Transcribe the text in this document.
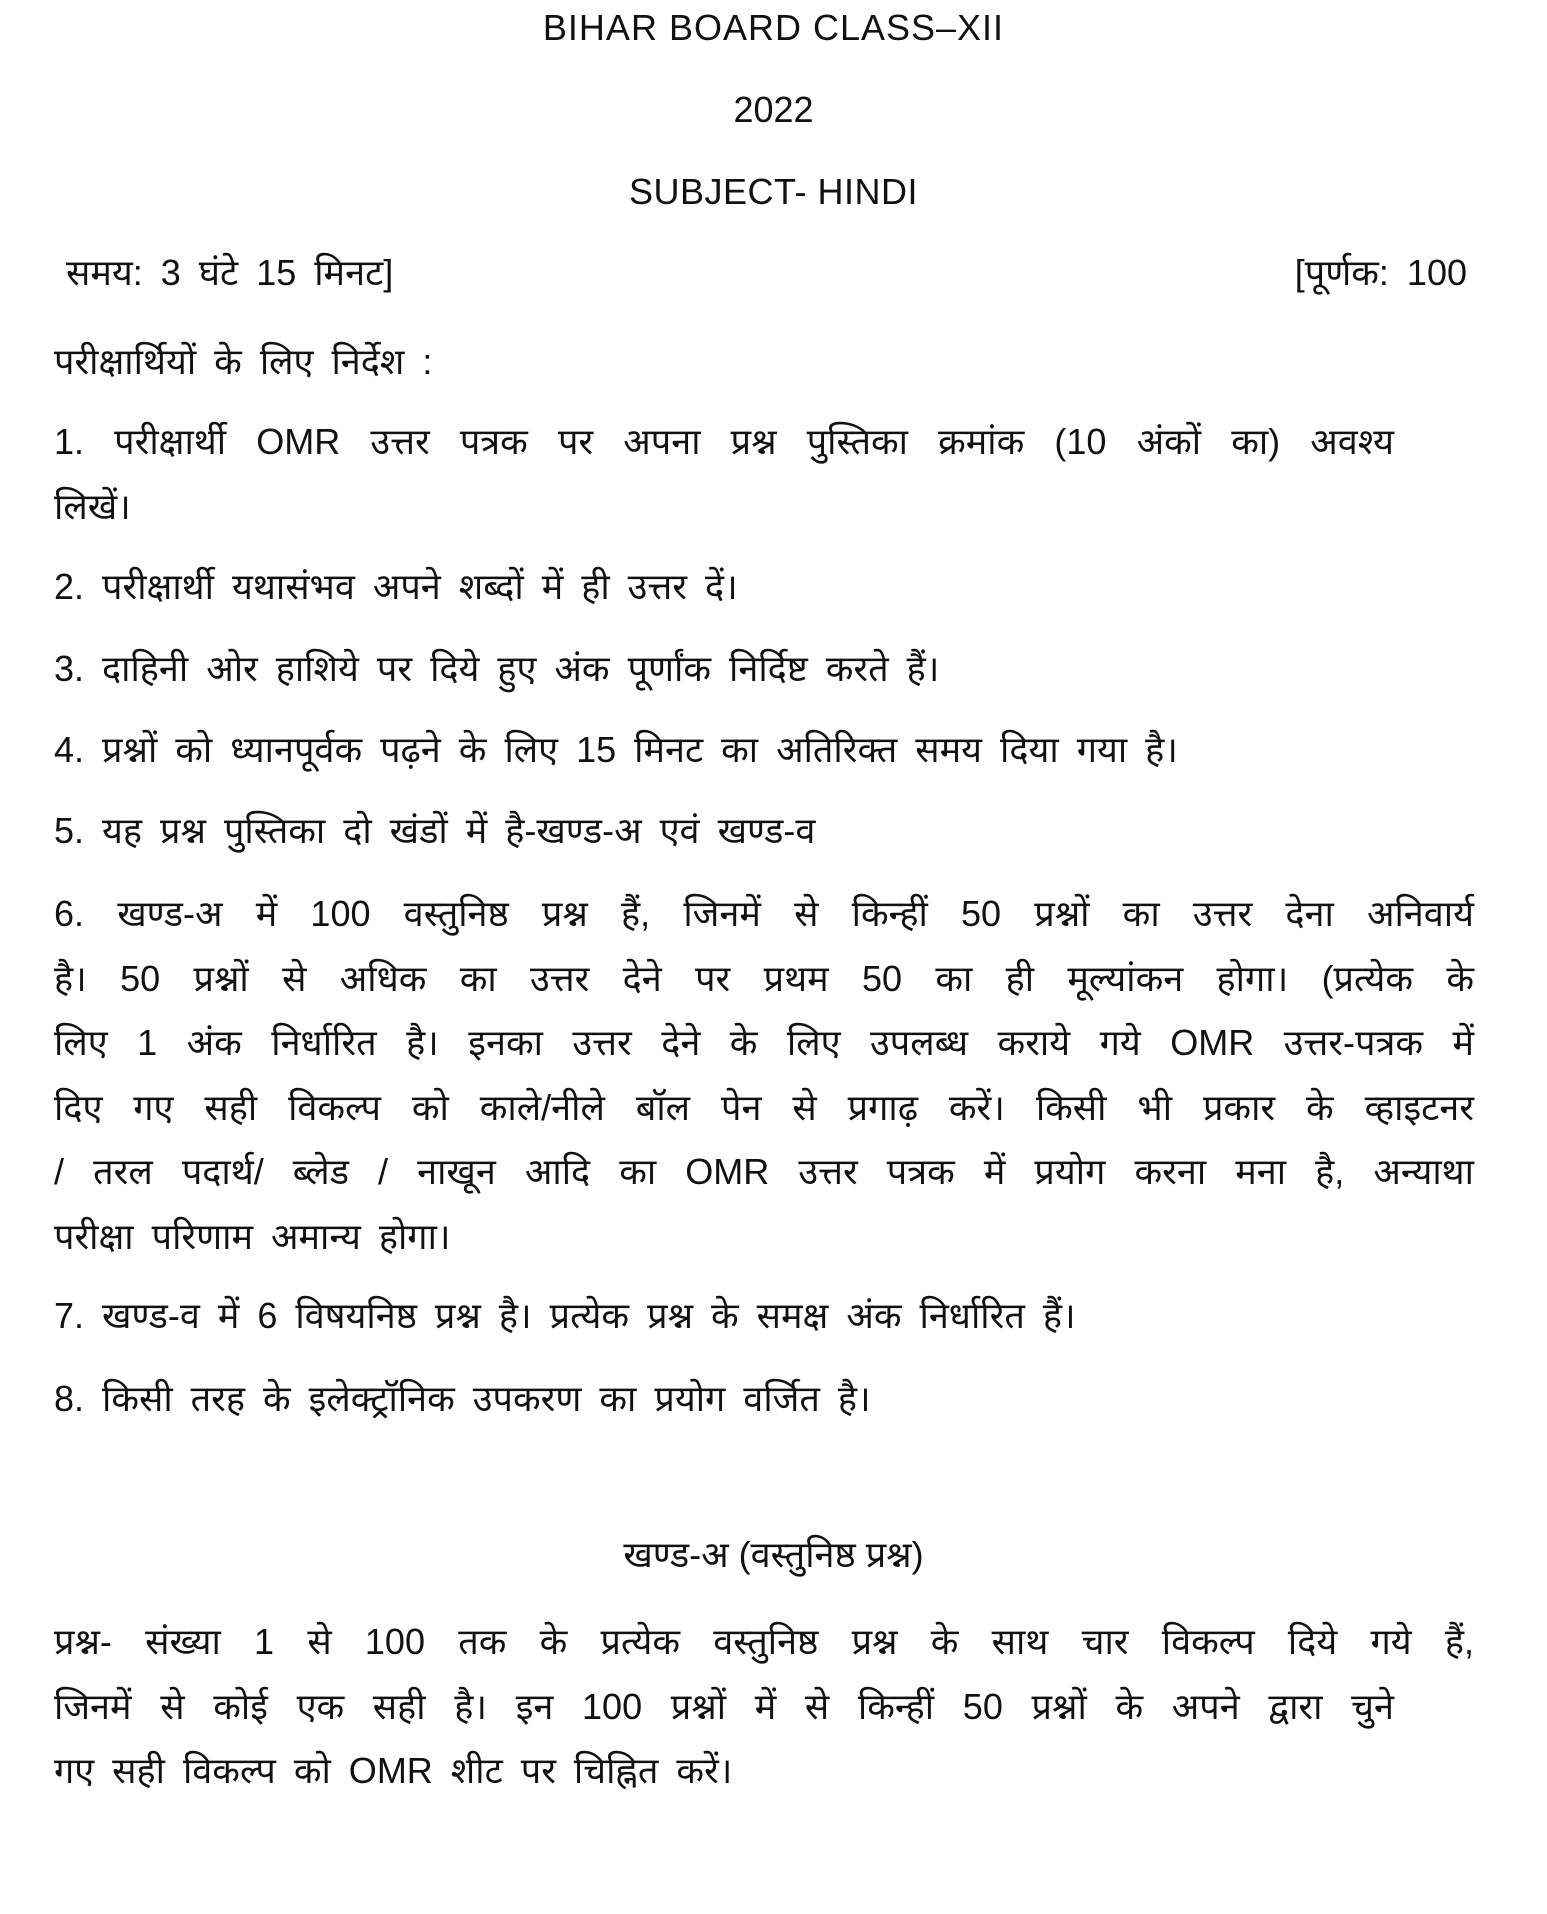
BIHAR BOARD CLASS–XII
2022
SUBJECT- HINDI
समय: 3 घंटे 15 मिनट]	[पूर्णक: 100
परीक्षार्थियों के लिए निर्देश :
1. परीक्षार्थी OMR उत्तर पत्रक पर अपना प्रश्न पुस्तिका क्रमांक (10 अंकों का) अवश्य
लिखें।
2. परीक्षार्थी यथासंभव अपने शब्दों में ही उत्तर दें।
3. दाहिनी ओर हाशिये पर दिये हुए अंक पूर्णांक निर्दिष्ट करते हैं।
4. प्रश्नों को ध्यानपूर्वक पढ़ने के लिए 15 मिनट का अतिरिक्त समय दिया गया है।
5. यह प्रश्न पुस्तिका दो खंडों में है-खण्ड-अ एवं खण्ड-व
6. खण्ड-अ में 100 वस्तुनिष्ठ प्रश्न हैं, जिनमें से किन्हीं 50 प्रश्नों का उत्तर देना अनिवार्य
है। 50 प्रश्नों से अधिक का उत्तर देने पर प्रथम 50 का ही मूल्यांकन होगा। (प्रत्येक के
लिए 1 अंक निर्धारित है। इनका उत्तर देने के लिए उपलब्ध कराये गये OMR उत्तर-पत्रक में
दिए गए सही विकल्प को काले/नीले बॉल पेन से प्रगाढ़ करें। किसी भी प्रकार के व्हाइटनर
/ तरल पदार्थ/ ब्लेड / नाखून आदि का OMR उत्तर पत्रक में प्रयोग करना मना है, अन्याथा
परीक्षा परिणाम अमान्य होगा।
7. खण्ड-व में 6 विषयनिष्ठ प्रश्न है। प्रत्येक प्रश्न के समक्ष अंक निर्धारित हैं।
8. किसी तरह के इलेक्ट्रॉनिक उपकरण का प्रयोग वर्जित है।
खण्ड-अ (वस्तुनिष्ठ प्रश्न)
प्रश्न- संख्या 1 से 100 तक के प्रत्येक वस्तुनिष्ठ प्रश्न के साथ चार विकल्प दिये गये हैं,
जिनमें से कोई एक सही है। इन 100 प्रश्नों में से किन्हीं 50 प्रश्नों के अपने द्वारा चुने
गए सही विकल्प को OMR शीट पर चिह्नित करें।
